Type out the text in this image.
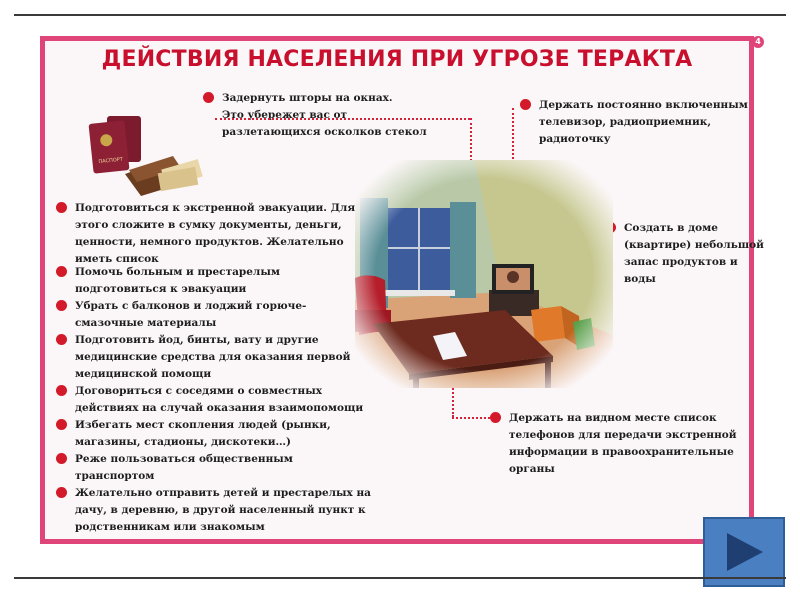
4
ДЕЙСТВИЯ НАСЕЛЕНИЯ ПРИ УГРОЗЕ ТЕРАКТА
ПАСПОРТ
Задернуть шторы на окнах.
Это убережет вас от
разлетающихся осколков стекол
Держать постоянно включенным
телевизор, радиоприемник,
радиоточку
Создать в доме
(квартире) небольшой
запас продуктов и
воды
Держать на видном месте список
телефонов для передачи экстренной
информации в правоохранительные
органы
Подготовиться к экстренной эвакуации. Для
этого сложите в сумку документы, деньги,
ценности, немного продуктов. Желательно
иметь список
Помочь больным и престарелым
подготовиться к эвакуации
Убрать с балконов и лоджий горюче-
смазочные материалы
Подготовить йод, бинты, вату и другие
медицинские средства для оказания первой
медицинской помощи
Договориться с соседями о совместных
действиях на случай оказания взаимопомощи
Избегать мест скопления людей (рынки,
магазины, стадионы, дискотеки…)
Реже пользоваться общественным
транспортом
Желательно отправить детей и престарелых на
дачу, в деревню, в другой населенный пункт к
родственникам или знакомым
